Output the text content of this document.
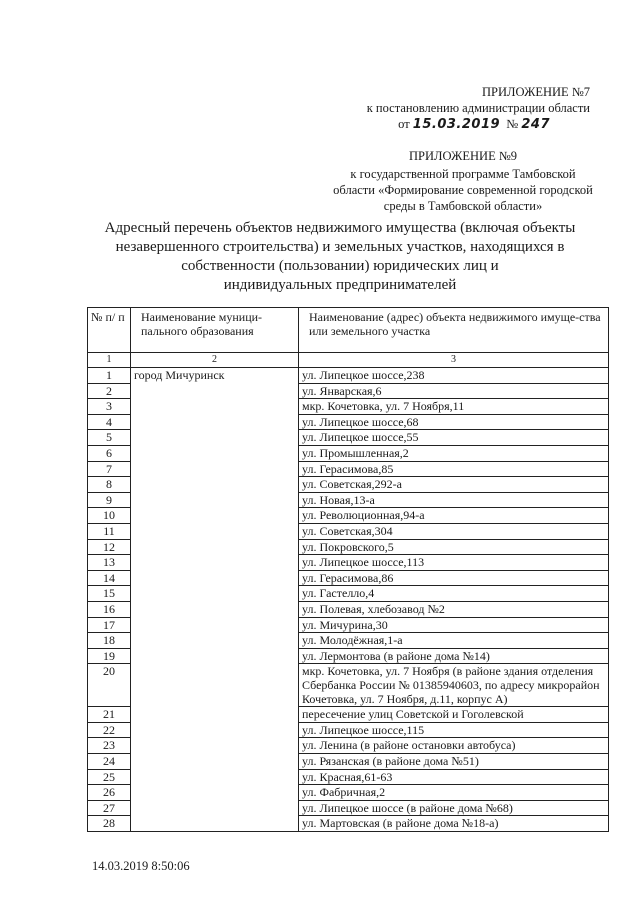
ПРИЛОЖЕНИЕ №7
к постановлению администрации области
от 15.03.2019 № 247
ПРИЛОЖЕНИЕ №9
к государственной программе Тамбовской
области «Формирование современной городской
среды в Тамбовской области»
Адресный перечень объектов недвижимого имущества (включая объекты
незавершенного строительства) и земельных участков, находящихся в
собственности (пользовании) юридических лиц и
индивидуальных предпринимателей
№ п/ п	Наименование муници-пального образования	Наименование (адрес) объекта недвижимого имуще-ства или земельного участка
1	2	3
1	город Мичуринск	ул. Липецкое шоссе,238
2		ул. Январская,6
3		мкр. Кочетовка, ул. 7 Ноября,11
4		ул. Липецкое шоссе,68
5		ул. Липецкое шоссе,55
6		ул. Промышленная,2
7		ул. Герасимова,85
8		ул. Советская,292-а
9		ул. Новая,13-а
10		ул. Революционная,94-а
11		ул. Советская,304
12		ул. Покровского,5
13		ул. Липецкое шоссе,113
14		ул. Герасимова,86
15		ул. Гастелло,4
16		ул. Полевая, хлебозавод №2
17		ул. Мичурина,30
18		ул. Молодёжная,1-а
19		ул. Лермонтова (в районе дома №14)
20		мкр. Кочетовка, ул. 7 Ноября (в районе здания отделения Сбербанка России № 01385940603, по адресу микрорайон Кочетовка, ул. 7 Ноября, д.11, корпус А)
21		пересечение улиц Советской и Гоголевской
22		ул. Липецкое шоссе,115
23		ул. Ленина (в районе остановки автобуса)
24		ул. Рязанская (в районе дома №51)
25		ул. Красная,61-63
26		ул. Фабричная,2
27		ул. Липецкое шоссе (в районе дома №68)
28		ул. Мартовская (в районе дома №18-а)
14.03.2019 8:50:06
